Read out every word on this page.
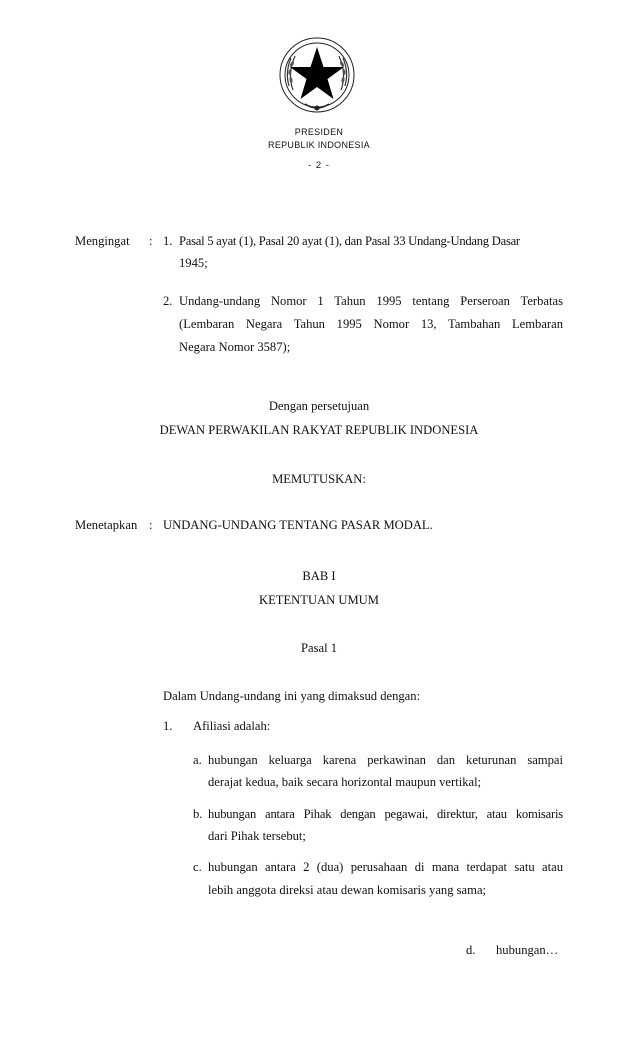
PRESIDEN
REPUBLIK INDONESIA
- 2 -
Mengingat : 1. Pasal 5 ayat (1), Pasal 20 ayat (1), dan Pasal 33 Undang-Undang Dasar
1945;
2. Undang-undang Nomor 1 Tahun 1995 tentang Perseroan Terbatas
(Lembaran Negara Tahun 1995 Nomor 13, Tambahan Lembaran
Negara Nomor 3587);
Dengan persetujuan
DEWAN PERWAKILAN RAKYAT REPUBLIK INDONESIA
MEMUTUSKAN:
Menetapkan : UNDANG-UNDANG TENTANG PASAR MODAL.
BAB I
KETENTUAN UMUM
Pasal 1
Dalam Undang-undang ini yang dimaksud dengan:
1. Afiliasi adalah:
a. hubungan keluarga karena perkawinan dan keturunan sampai
derajat kedua, baik secara horizontal maupun vertikal;
b. hubungan antara Pihak dengan pegawai, direktur, atau komisaris
dari Pihak tersebut;
c. hubungan antara 2 (dua) perusahaan di mana terdapat satu atau
lebih anggota direksi atau dewan komisaris yang sama;
d. hubungan…
